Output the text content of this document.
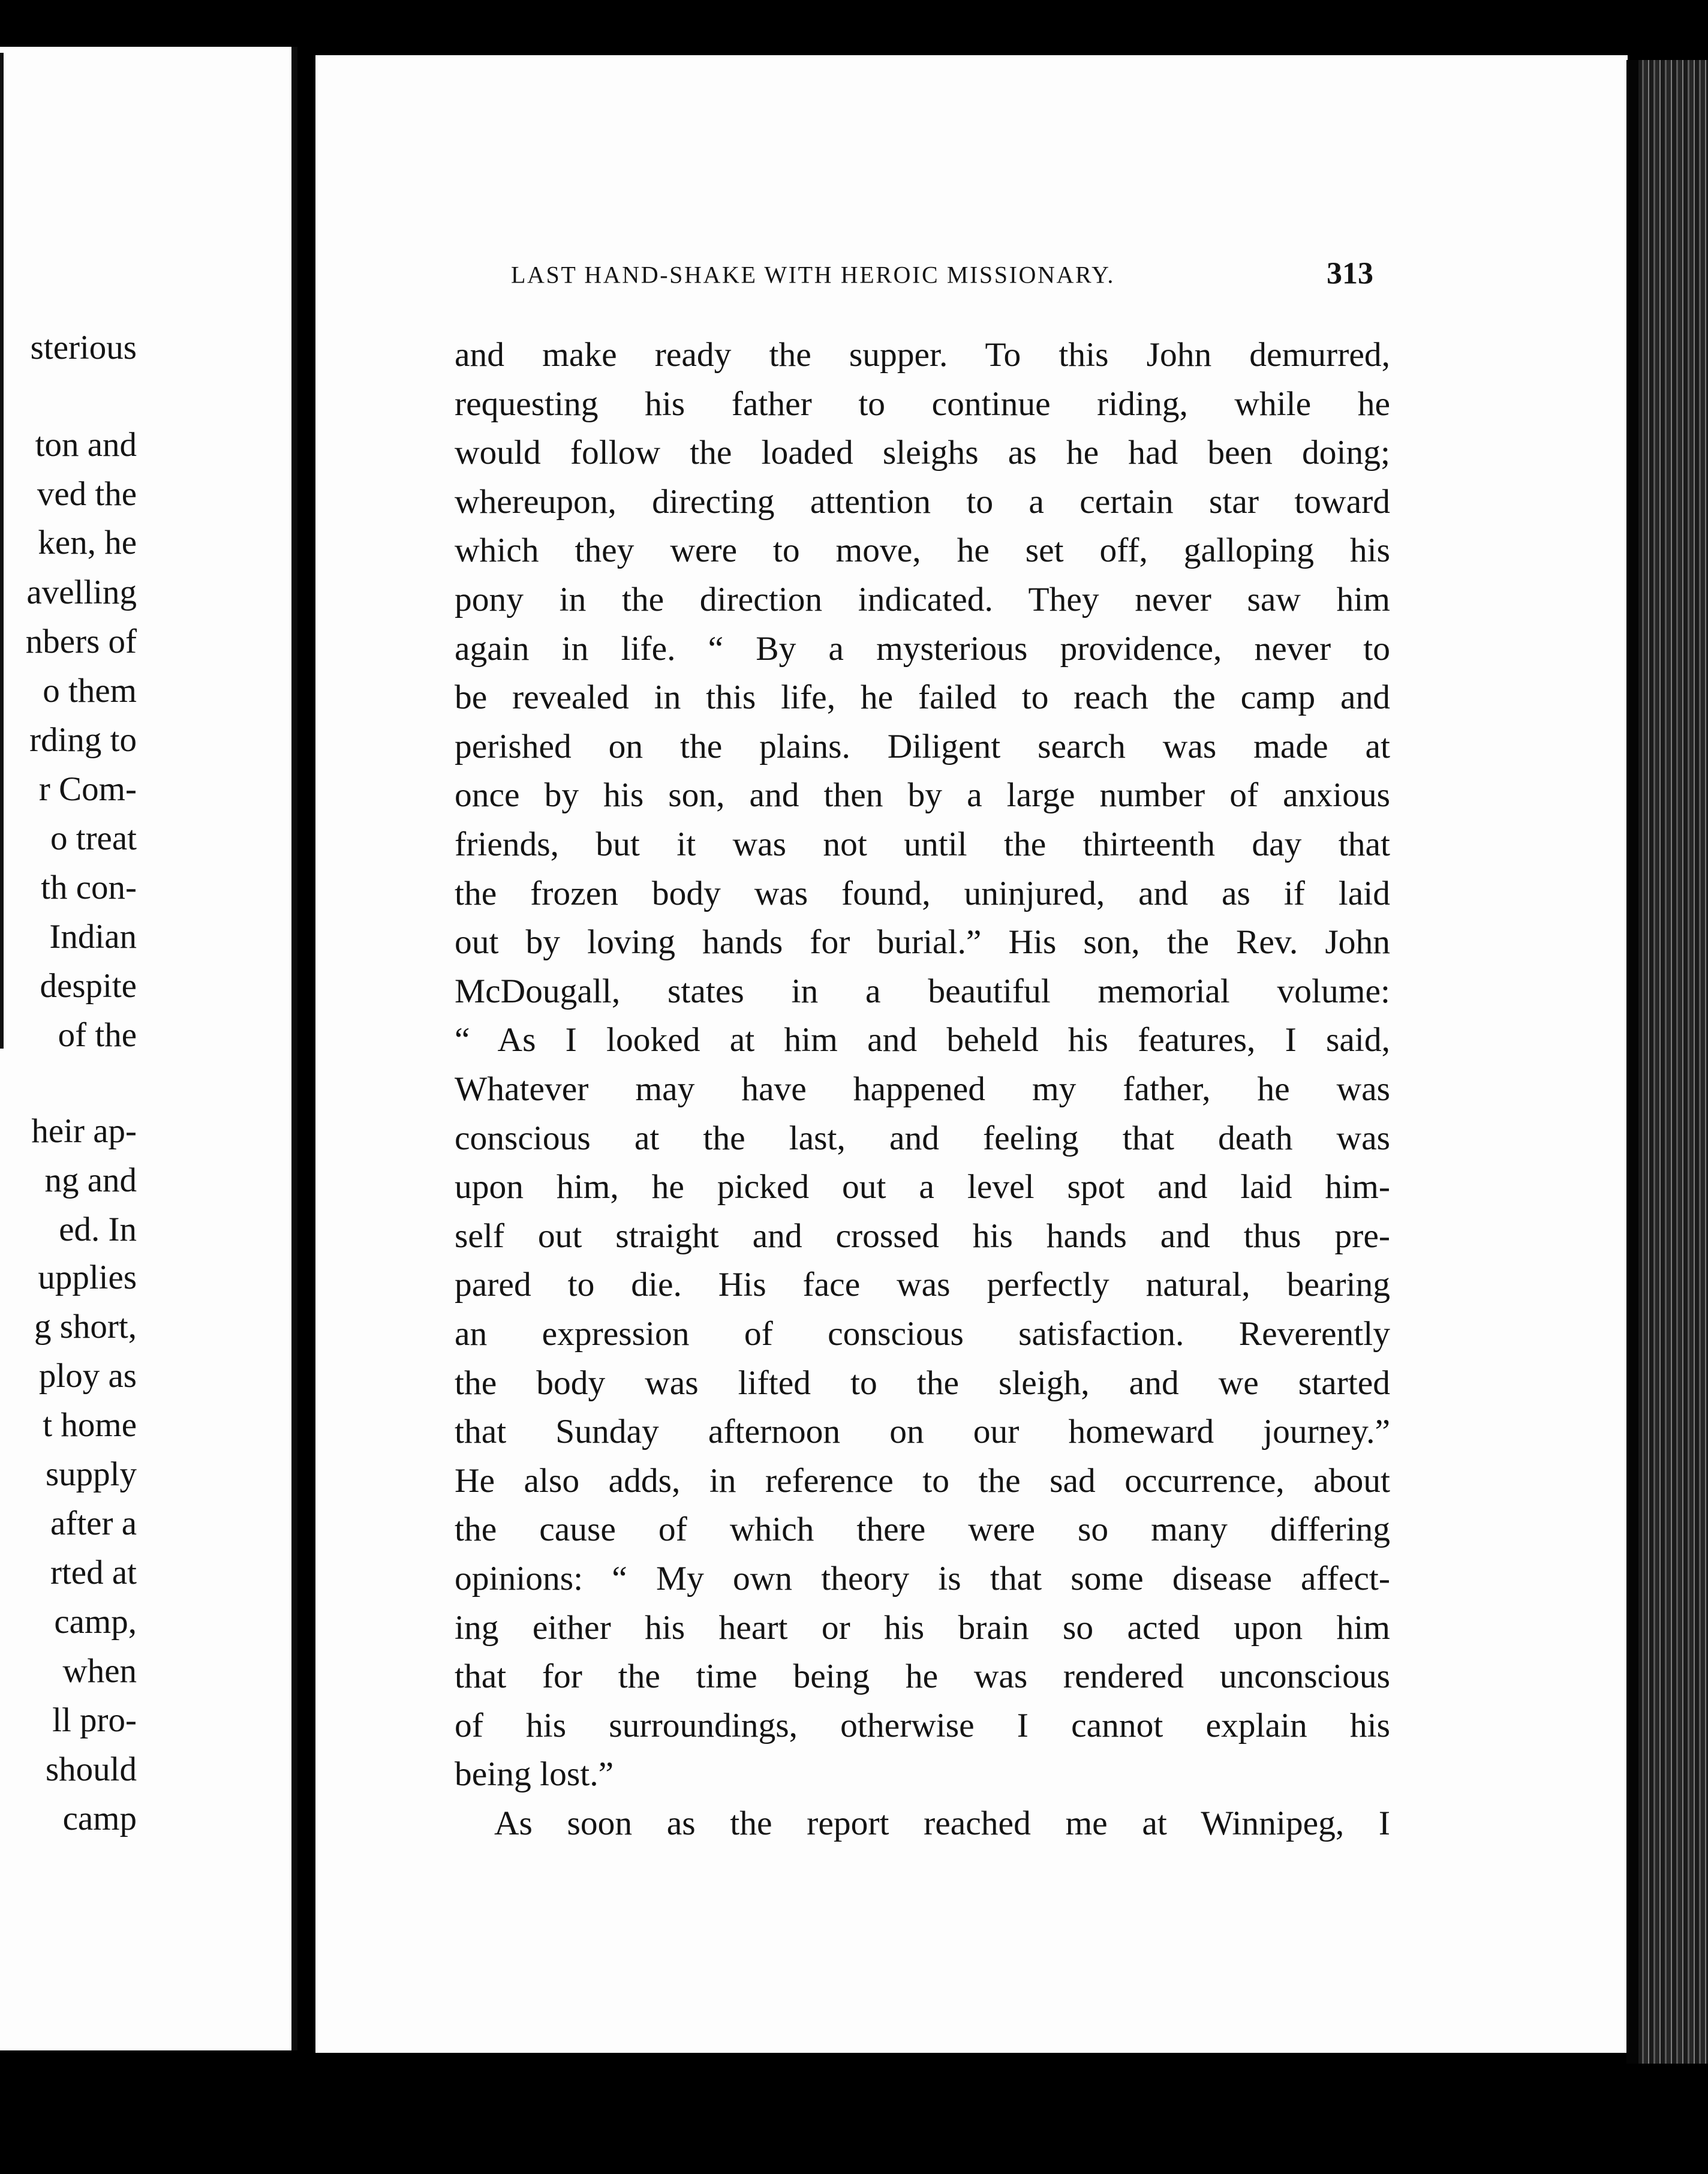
sterious
ton and
ved the
ken, he
avelling
nbers of
o them
rding to
r Com-
o treat
th con-
Indian
despite
of the
heir ap-
ng and
ed. In
upplies
g short,
ploy as
t home
supply
after a
rted at
camp,
when
ll pro-
should
camp
LAST HAND-SHAKE WITH HEROIC MISSIONARY.	313
and make ready the supper. To this John demurred,
requesting his father to continue riding, while he
would follow the loaded sleighs as he had been doing;
whereupon, directing attention to a certain star toward
which they were to move, he set off, galloping his
pony in the direction indicated. They never saw him
again in life. “ By a mysterious providence, never to
be revealed in this life, he failed to reach the camp and
perished on the plains. Diligent search was made at
once by his son, and then by a large number of anxious
friends, but it was not until the thirteenth day that
the frozen body was found, uninjured, and as if laid
out by loving hands for burial.” His son, the Rev. John
McDougall, states in a beautiful memorial volume:
“ As I looked at him and beheld his features, I said,
Whatever may have happened my father, he was
conscious at the last, and feeling that death was
upon him, he picked out a level spot and laid him-
self out straight and crossed his hands and thus pre-
pared to die. His face was perfectly natural, bearing
an expression of conscious satisfaction. Reverently
the body was lifted to the sleigh, and we started
that Sunday afternoon on our homeward journey.”
He also adds, in reference to the sad occurrence, about
the cause of which there were so many differing
opinions: “ My own theory is that some disease affect-
ing either his heart or his brain so acted upon him
that for the time being he was rendered unconscious
of his surroundings, otherwise I cannot explain his
being lost.”
As soon as the report reached me at Winnipeg, I
